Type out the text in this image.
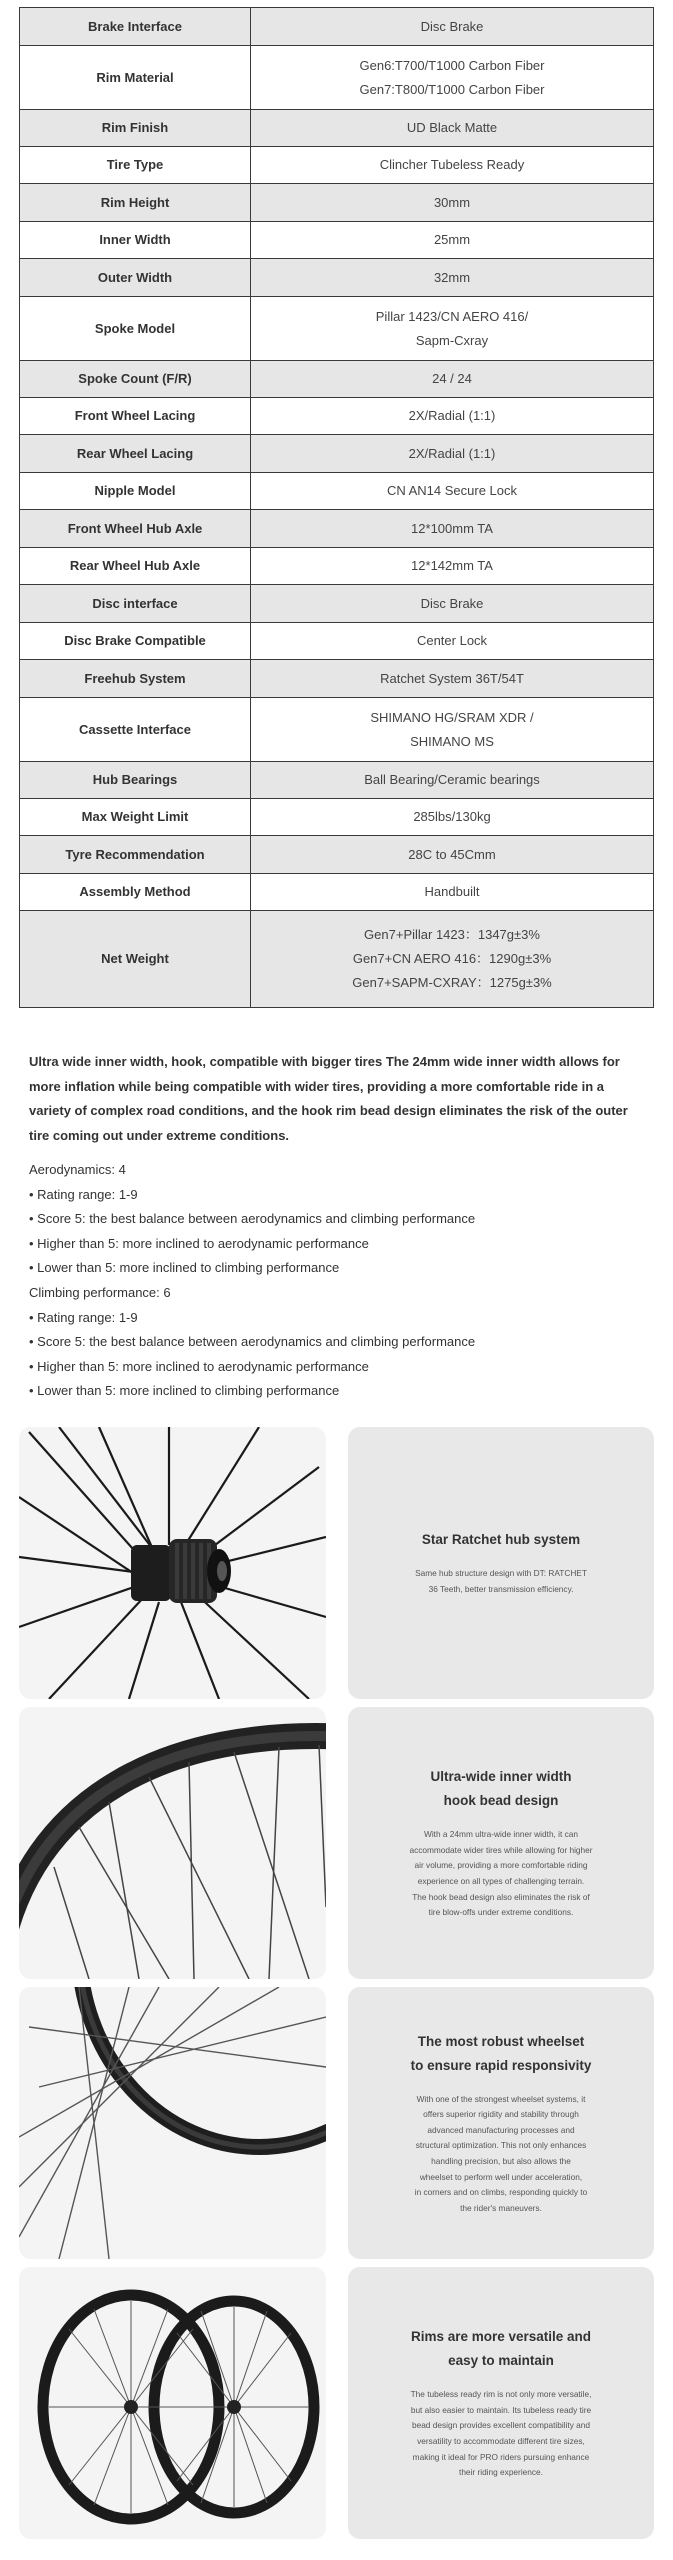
Brake Interface	Disc Brake
Rim Material	Gen6:T700/T1000 Carbon Fiber
Gen7:T800/T1000 Carbon Fiber
Rim Finish	UD Black Matte
Tire Type	Clincher Tubeless Ready
Rim Height	30mm
Inner Width	25mm
Outer Width	32mm
Spoke Model	Pillar 1423/CN AERO 416/
Sapm-Cxray
Spoke Count (F/R)	24 / 24
Front Wheel Lacing	2X/Radial (1:1)
Rear Wheel Lacing	2X/Radial (1:1)
Nipple Model	CN AN14 Secure Lock
Front Wheel Hub Axle	12*100mm TA
Rear Wheel Hub Axle	12*142mm TA
Disc interface	Disc Brake
Disc Brake Compatible	Center Lock
Freehub System	Ratchet System 36T/54T
Cassette Interface	SHIMANO HG/SRAM XDR /
SHIMANO MS
Hub Bearings	Ball Bearing/Ceramic bearings
Max Weight Limit	285lbs/130kg
Tyre Recommendation	28C to 45Cmm
Assembly Method	Handbuilt
Net Weight	Gen7+Pillar 1423：1347g±3%
Gen7+CN AERO 416：1290g±3%
Gen7+SAPM-CXRAY：1275g±3%
Ultra wide inner width, hook, compatible with bigger tires The 24mm wide inner width allows for more inflation while being compatible with wider tires, providing a more comfortable ride in a variety of complex road conditions, and the hook rim bead design eliminates the risk of the outer tire coming out under extreme conditions.
Aerodynamics: 4
• Rating range: 1-9
• Score 5: the best balance between aerodynamics and climbing performance
• Higher than 5: more inclined to aerodynamic performance
• Lower than 5: more inclined to climbing performance
Climbing performance: 6
• Rating range: 1-9
• Score 5: the best balance between aerodynamics and climbing performance
• Higher than 5: more inclined to aerodynamic performance
• Lower than 5: more inclined to climbing performance
Star Ratchet hub system
Same hub structure design with DT: RATCHET
36 Teeth, better transmission efficiency.
Ultra-wide inner width
hook bead design
With a 24mm ultra-wide inner width, it can
accommodate wider tires while allowing for higher
air volume, providing a more comfortable riding
experience on all types of challenging terrain.
The hook bead design also eliminates the risk of
tire blow-offs under extreme conditions.
The most robust wheelset
to ensure rapid responsivity
With one of the strongest wheelset systems, it
offers superior rigidity and stability through
advanced manufacturing processes and
structural optimization. This not only enhances
handling precision, but also allows the
wheelset to perform well under acceleration,
in corners and on climbs, responding quickly to
the rider's maneuvers.
Rims are more versatile and
easy to maintain
The tubeless ready rim is not only more versatile,
but also easier to maintain. Its tubeless ready tire
bead design provides excellent compatibility and
versatility to accommodate different tire sizes,
making it ideal for PRO riders pursuing enhance
their riding experience.
